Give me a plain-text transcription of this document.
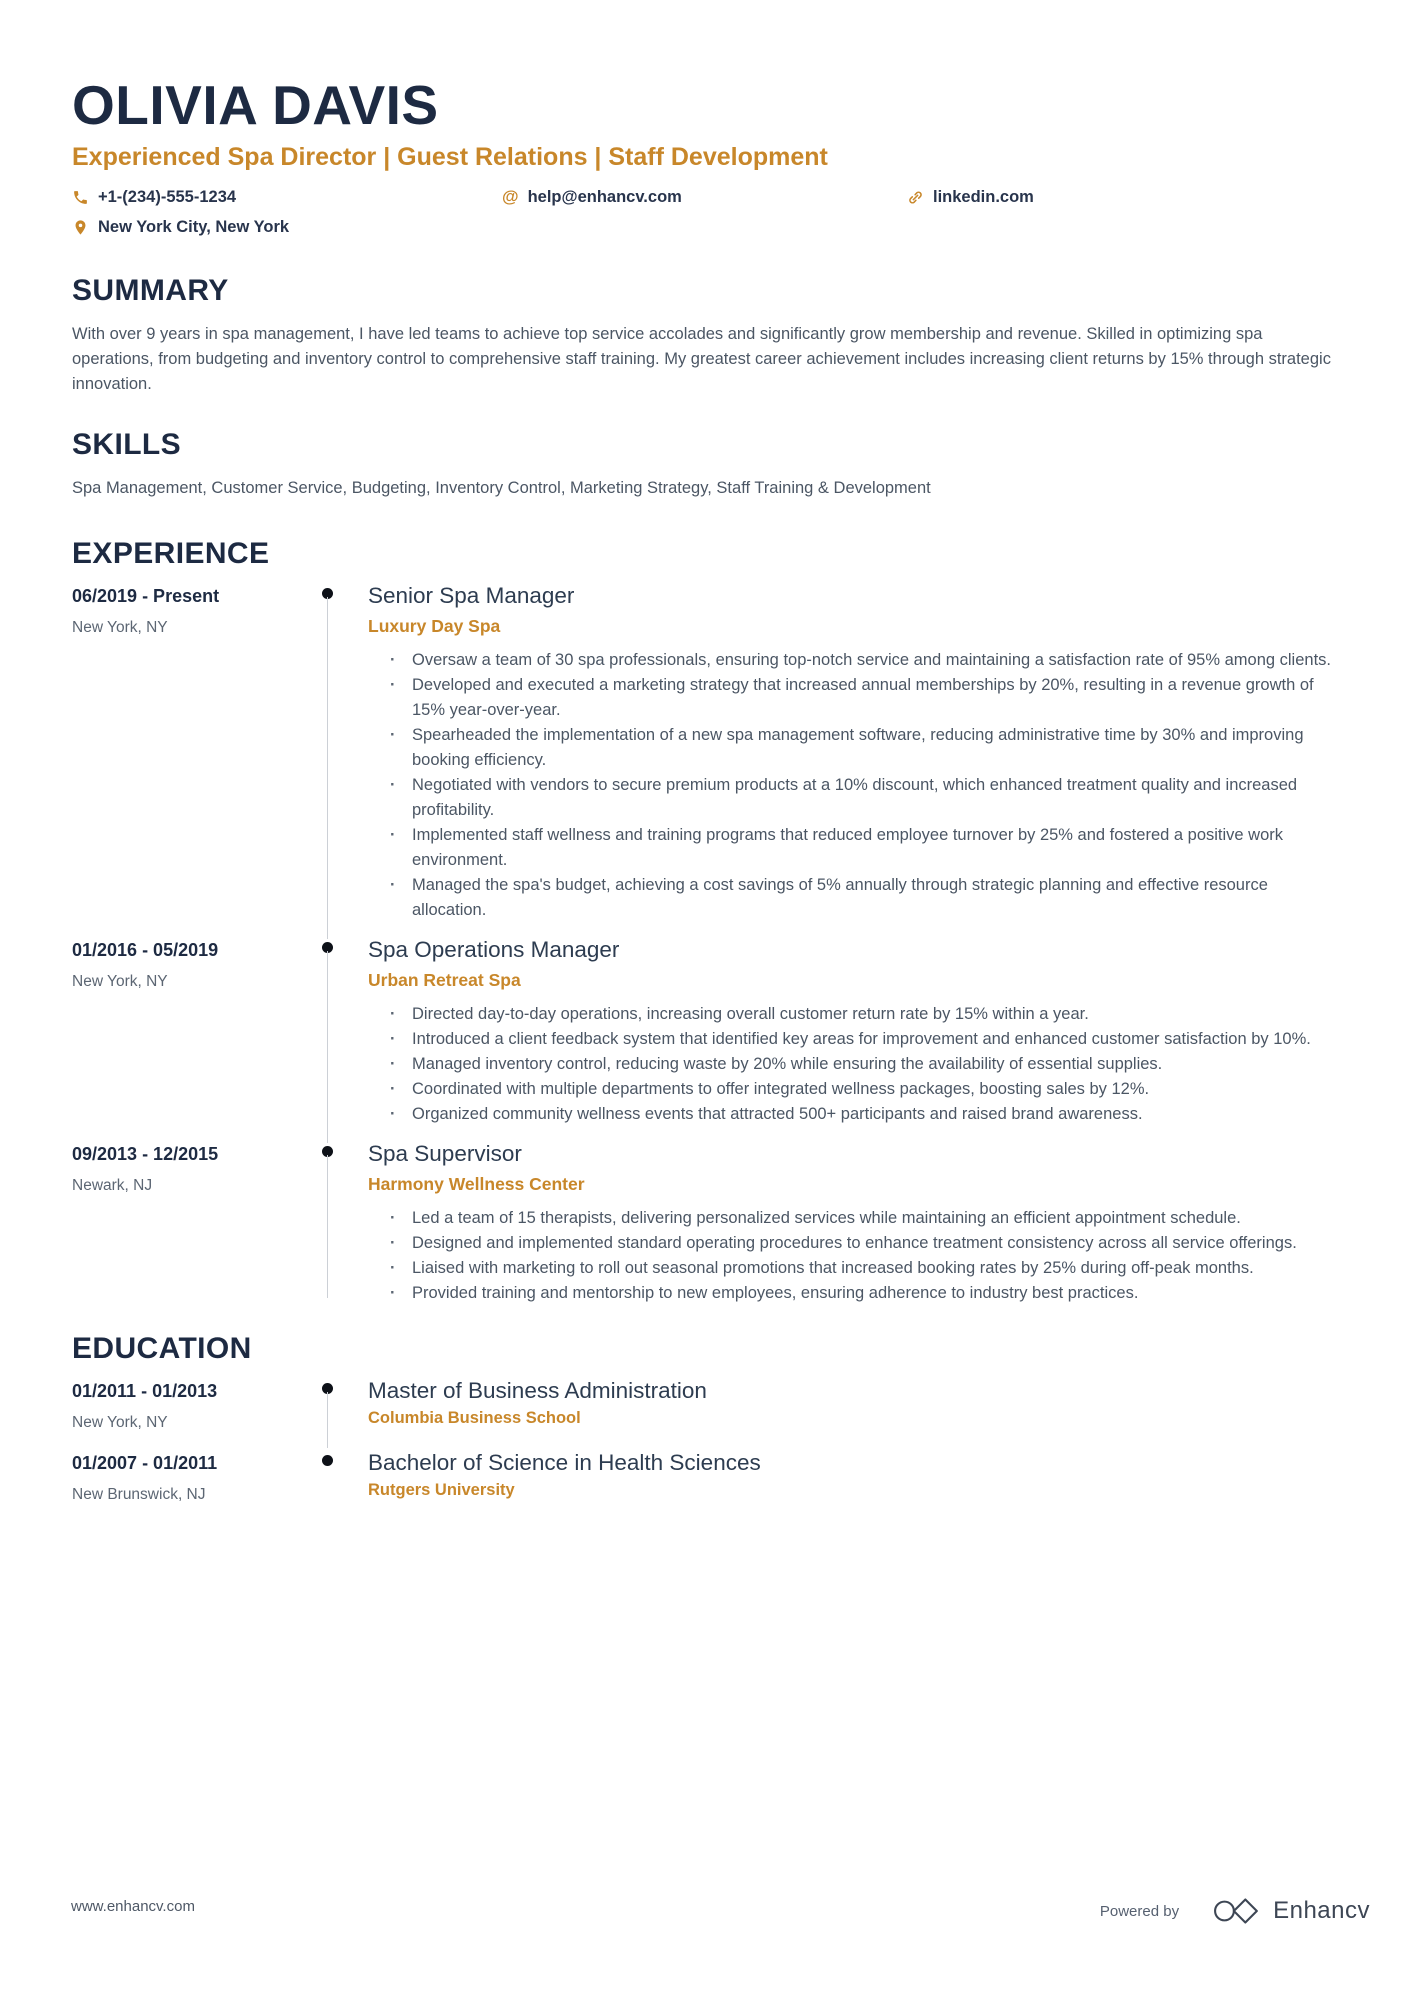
OLIVIA DAVIS
Experienced Spa Director | Guest Relations | Staff Development
+1-(234)-555-1234	@ help@enhancv.com	linkedin.com
New York City, New York
SUMMARY
With over 9 years in spa management, I have led teams to achieve top service accolades and significantly grow membership and revenue. Skilled in optimizing spa operations, from budgeting and inventory control to comprehensive staff training. My greatest career achievement includes increasing client returns by 15% through strategic innovation.
SKILLS
Spa Management, Customer Service, Budgeting, Inventory Control, Marketing Strategy, Staff Training & Development
EXPERIENCE
06/2019 - Present
New York, NY
Senior Spa Manager
Luxury Day Spa
· Oversaw a team of 30 spa professionals, ensuring top-notch service and maintaining a satisfaction rate of 95% among clients.
· Developed and executed a marketing strategy that increased annual memberships by 20%, resulting in a revenue growth of 15% year-over-year.
· Spearheaded the implementation of a new spa management software, reducing administrative time by 30% and improving booking efficiency.
· Negotiated with vendors to secure premium products at a 10% discount, which enhanced treatment quality and increased profitability.
· Implemented staff wellness and training programs that reduced employee turnover by 25% and fostered a positive work environment.
· Managed the spa's budget, achieving a cost savings of 5% annually through strategic planning and effective resource allocation.
01/2016 - 05/2019
New York, NY
Spa Operations Manager
Urban Retreat Spa
· Directed day-to-day operations, increasing overall customer return rate by 15% within a year.
· Introduced a client feedback system that identified key areas for improvement and enhanced customer satisfaction by 10%.
· Managed inventory control, reducing waste by 20% while ensuring the availability of essential supplies.
· Coordinated with multiple departments to offer integrated wellness packages, boosting sales by 12%.
· Organized community wellness events that attracted 500+ participants and raised brand awareness.
09/2013 - 12/2015
Newark, NJ
Spa Supervisor
Harmony Wellness Center
· Led a team of 15 therapists, delivering personalized services while maintaining an efficient appointment schedule.
· Designed and implemented standard operating procedures to enhance treatment consistency across all service offerings.
· Liaised with marketing to roll out seasonal promotions that increased booking rates by 25% during off-peak months.
· Provided training and mentorship to new employees, ensuring adherence to industry best practices.
EDUCATION
01/2011 - 01/2013
New York, NY
Master of Business Administration
Columbia Business School
01/2007 - 01/2011
New Brunswick, NJ
Bachelor of Science in Health Sciences
Rutgers University
www.enhancv.com	Powered by	Enhancv
